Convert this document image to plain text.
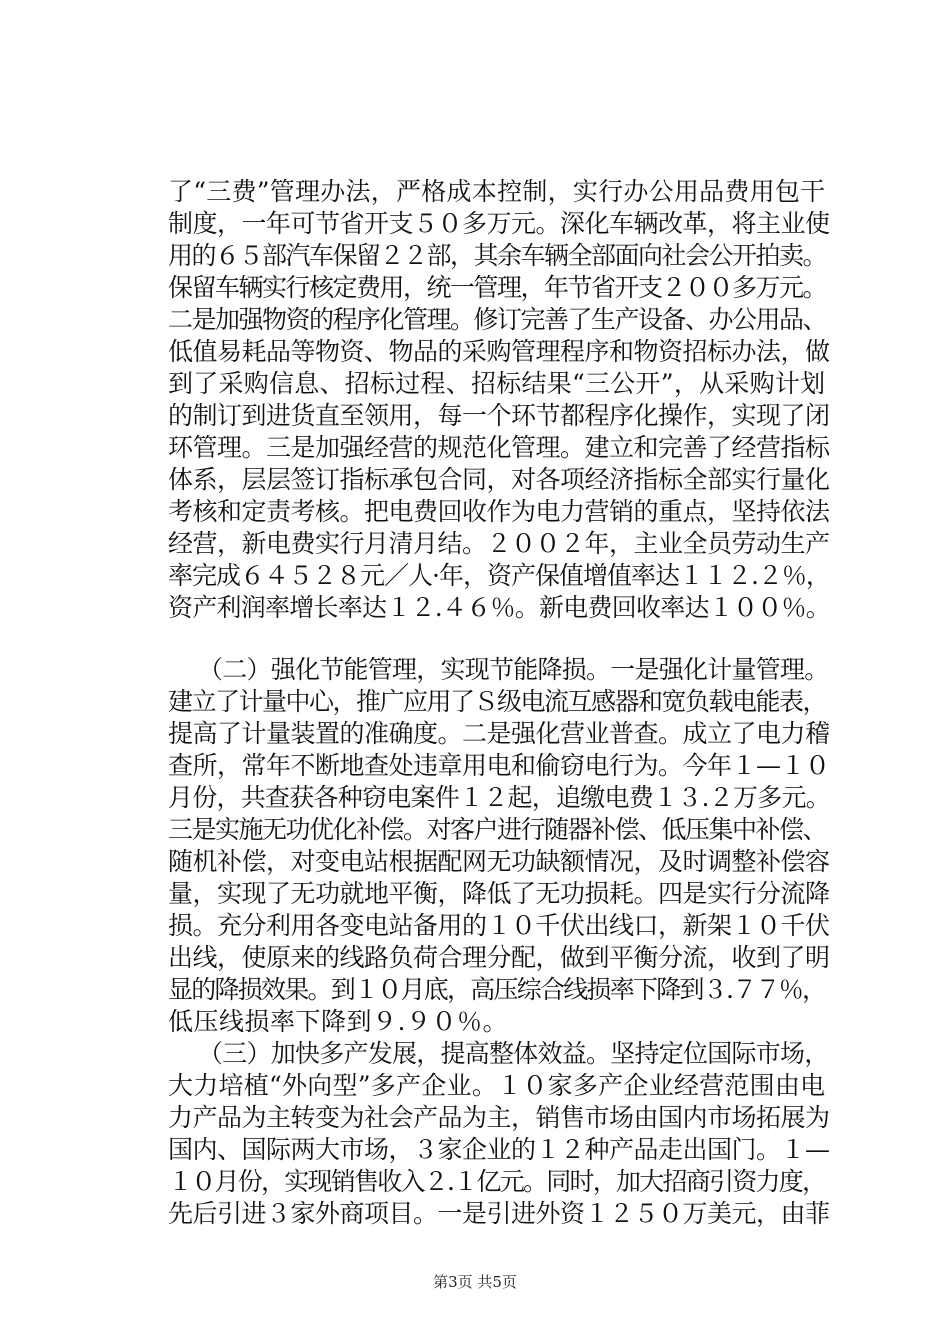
了“三费”管理办法，严格成本控制，实行办公用品费用包干
制度，一年可节省开支５０多万元。深化车辆改革，将主业使
用的６５部汽车保留２２部，其余车辆全部面向社会公开拍卖。
保留车辆实行核定费用，统一管理，年节省开支２００多万元。
二是加强物资的程序化管理。修订完善了生产设备、办公用品、
低值易耗品等物资、物品的采购管理程序和物资招标办法，做
到了采购信息、招标过程、招标结果“三公开”，从采购计划
的制订到进货直至领用，每一个环节都程序化操作，实现了闭
环管理。三是加强经营的规范化管理。建立和完善了经营指标
体系，层层签订指标承包合同，对各项经济指标全部实行量化
考核和定责考核。把电费回收作为电力营销的重点，坚持依法
经营，新电费实行月清月结。２００２年，主业全员劳动生产
率完成６４５２８元／人·年，资产保值增值率达１１２.２％，
资产利润率增长率达１２.４６％。新电费回收率达１００％。
（二）强化节能管理，实现节能降损。一是强化计量管理。
建立了计量中心，推广应用了Ｓ级电流互感器和宽负载电能表，
提高了计量装置的准确度。二是强化营业普查。成立了电力稽
查所，常年不断地查处违章用电和偷窃电行为。今年１—１０
月份，共查获各种窃电案件１２起，追缴电费１３.２万多元。
三是实施无功优化补偿。对客户进行随器补偿、低压集中补偿、
随机补偿，对变电站根据配网无功缺额情况，及时调整补偿容
量，实现了无功就地平衡，降低了无功损耗。四是实行分流降
损。充分利用各变电站备用的１０千伏出线口，新架１０千伏
出线，使原来的线路负荷合理分配，做到平衡分流，收到了明
显的降损效果。到１０月底，高压综合线损率下降到３.７７％，
低压线损率下降到９.９０％。
（三）加快多产发展，提高整体效益。坚持定位国际市场，
大力培植“外向型”多产企业。１０家多产企业经营范围由电
力产品为主转变为社会产品为主，销售市场由国内市场拓展为
国内、国际两大市场，３家企业的１２种产品走出国门。１—
１０月份，实现销售收入２.１亿元。同时，加大招商引资力度，
先后引进３家外商项目。一是引进外资１２５０万美元，由菲
第3页 共5页
